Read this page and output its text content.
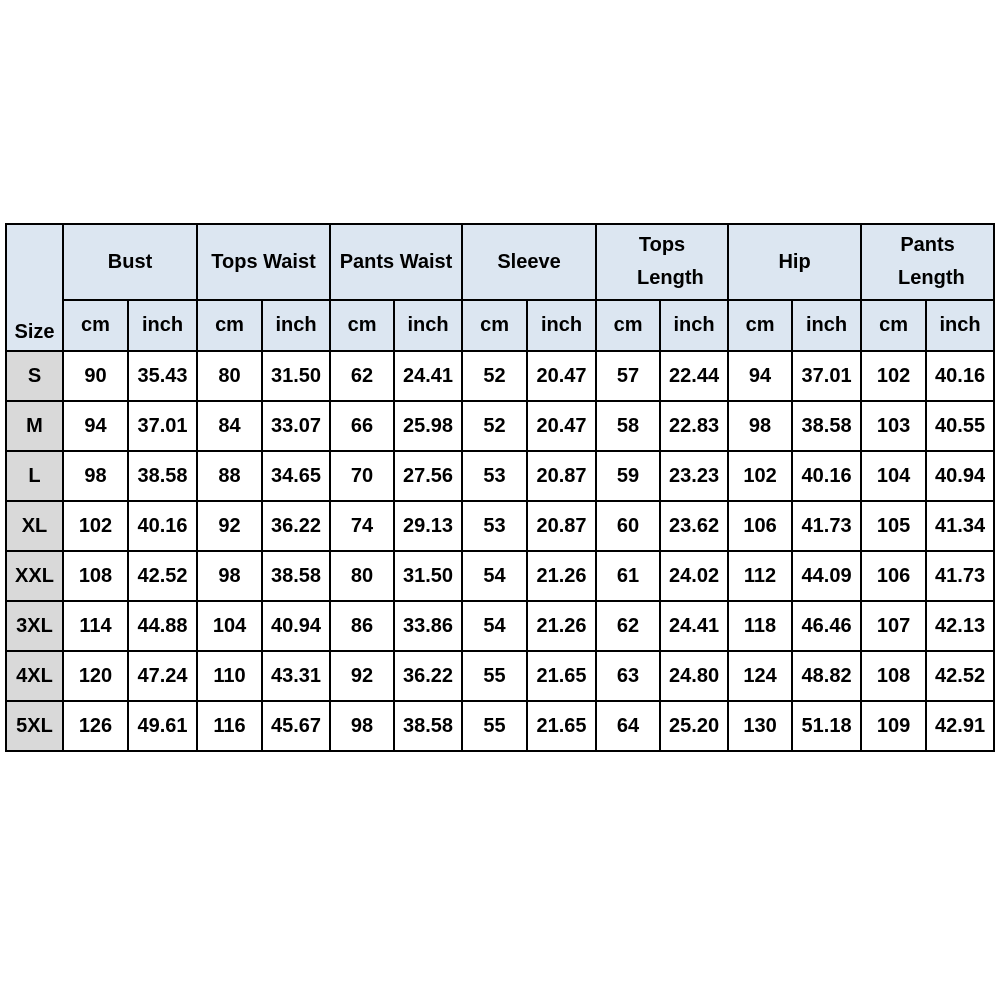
Size	Bust		Tops Waist		Pants Waist		Sleeve		Tops Length		Hip		Pants Length	
	cm	inch	cm	inch	cm	inch	cm	inch	cm	inch	cm	inch	cm	inch
S	90	35.43	80	31.50	62	24.41	52	20.47	57	22.44	94	37.01	102	40.16
M	94	37.01	84	33.07	66	25.98	52	20.47	58	22.83	98	38.58	103	40.55
L	98	38.58	88	34.65	70	27.56	53	20.87	59	23.23	102	40.16	104	40.94
XL	102	40.16	92	36.22	74	29.13	53	20.87	60	23.62	106	41.73	105	41.34
XXL	108	42.52	98	38.58	80	31.50	54	21.26	61	24.02	112	44.09	106	41.73
3XL	114	44.88	104	40.94	86	33.86	54	21.26	62	24.41	118	46.46	107	42.13
4XL	120	47.24	110	43.31	92	36.22	55	21.65	63	24.80	124	48.82	108	42.52
5XL	126	49.61	116	45.67	98	38.58	55	21.65	64	25.20	130	51.18	109	42.91
